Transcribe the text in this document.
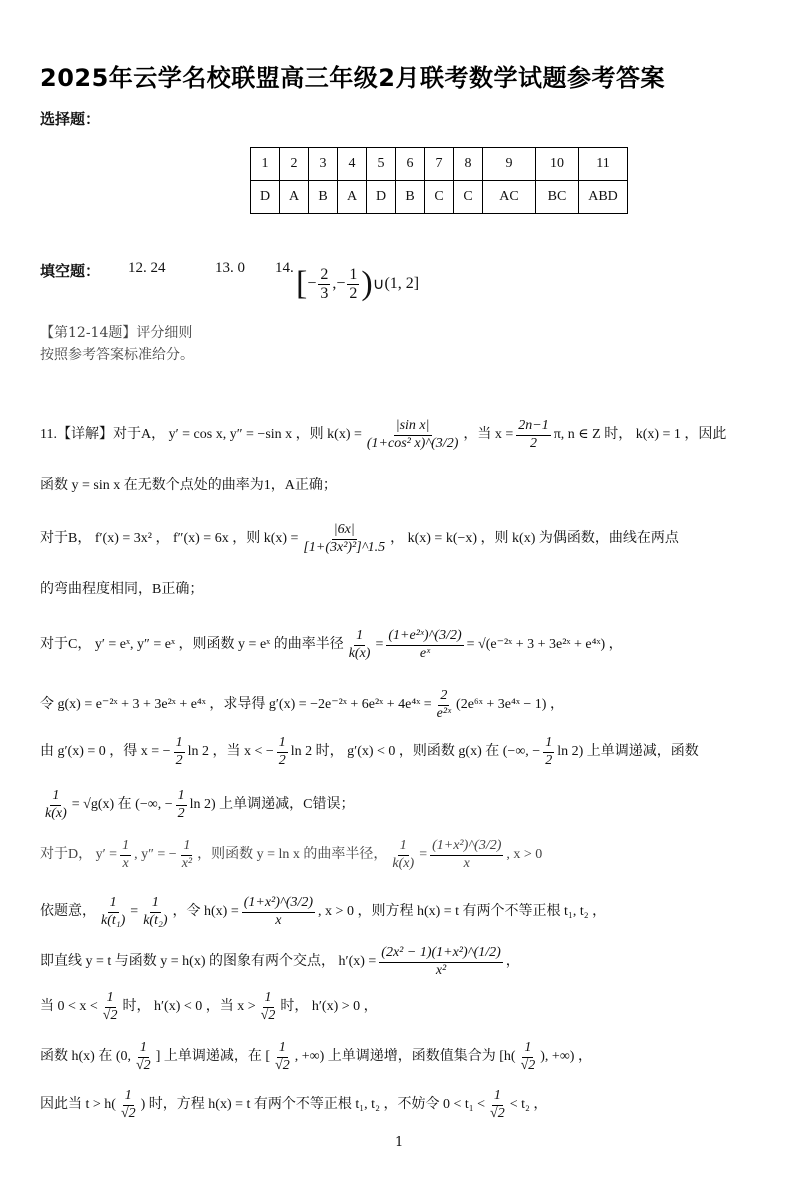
2025年云学名校联盟高三年级2月联考数学试题参考答案
选择题：
1	2	3	4	5	6	7	8	9	10	11
D	A	B	A	D	B	C	C	AC	BC	ABD
填空题： 12. 24	13. 0 14. [ − $\frac{2}{3}$ , − $\frac{1}{2}$ ) ∪ (1, 2]
【第12-14题】评分细则
按照参考答案标准给分。
11.【详解】对于A， y′ = cos x, y″ = −sin x ，则 $k(x) = \frac{\text{|sin x|}}{\text{(1+cos² x)\textasciicircum{}(3/2)}}$ ，当 $x = \frac{2n-1}{2} \pi$, n ∈ Z 时， k(x) = 1 ，因此
函数 y = sin x 在无数个点处的曲率为1，A正确；
对于B， f′(x) = 3x² ， f″(x) = 6x ，则 $k(x) = \frac{|6x|}{\text{[1+(3x²)²]\textasciicircum{}1.5}}$ ， k(x) = k(−x) ，则 k(x) 为偶函数，曲线在两点
的弯曲程度相同，B正确；
对于C， y′ = eˣ, y″ = eˣ ，则函数 y = eˣ 的曲率半径 $\frac{1}{k(x)} = \frac{\text{(1+e²ˣ)\textasciicircum{}(3/2)}}{\text{eˣ}}$ = √(e⁻²ˣ + 3 + 3e²ˣ + e⁴ˣ) ，
令 g(x) = e⁻²ˣ + 3 + 3e²ˣ + e⁴ˣ ，求导得 g′(x) = −2e⁻²ˣ + 6e²ˣ + 4e⁴ˣ = $\frac{2}{\text{e²ˣ}}$ (2e⁶ˣ + 3e⁴ˣ − 1) ，
由 g′(x) = 0 ，得 x = − $\frac{1}{2}$ ln 2 ，当 x < − $\frac{1}{2}$ ln 2 时， g′(x) < 0 ，则函数 g(x) 在 (−∞, − $\frac{1}{2}$ ln 2) 上单调递减，函数
$\frac{1}{k(x)} = √g(x)$ 在 (−∞, − $\frac{1}{2}$ ln 2) 上单调递减，C错误；
对于D， $y' = \frac{1}{x}$ , y″ = − $\frac{1}{\text{x²}}$ ，则函数 y = ln x 的曲率半径， $\frac{1}{k(x)} = \frac{\text{(1+x²)\textasciicircum{}(3/2)}}{x}$ , x > 0
依题意， $\frac{1}{\text{k(t₁)}} = \frac{1}{\text{k(t₂)}}$ ，令 $h(x) = \frac{\text{(1+x²)\textasciicircum{}(3/2)}}{x}$ , x > 0 ，则方程 h(x) = t 有两个不等正根 t₁, t₂ ，
即直线 y = t 与函数 y = h(x) 的图象有两个交点， $h'(x) = \frac{\text{(2x² − 1)(1+x²)\textasciicircum{}(1/2)}}{\text{x²}}$ ，
当 $0 < x < \frac{1}{√2}$ 时， h′(x) < 0 ，当 $x > \frac{1}{√2}$ 时， h′(x) > 0 ，
函数 h(x) 在 (0, $\frac{1}{√2}$ ] 上单调递减，在 [ $\frac{1}{√2}$ , +∞) 上单调递增，函数值集合为 [$h( \frac{1}{√2}$ ), +∞) ，
因此当 $t > h( \frac{1}{√2}$ ) 时，方程 h(x) = t 有两个不等正根 t₁, t₂ ，不妨令 $0 < t_1 < \frac{1}{√2} < t_2$ ，
1
